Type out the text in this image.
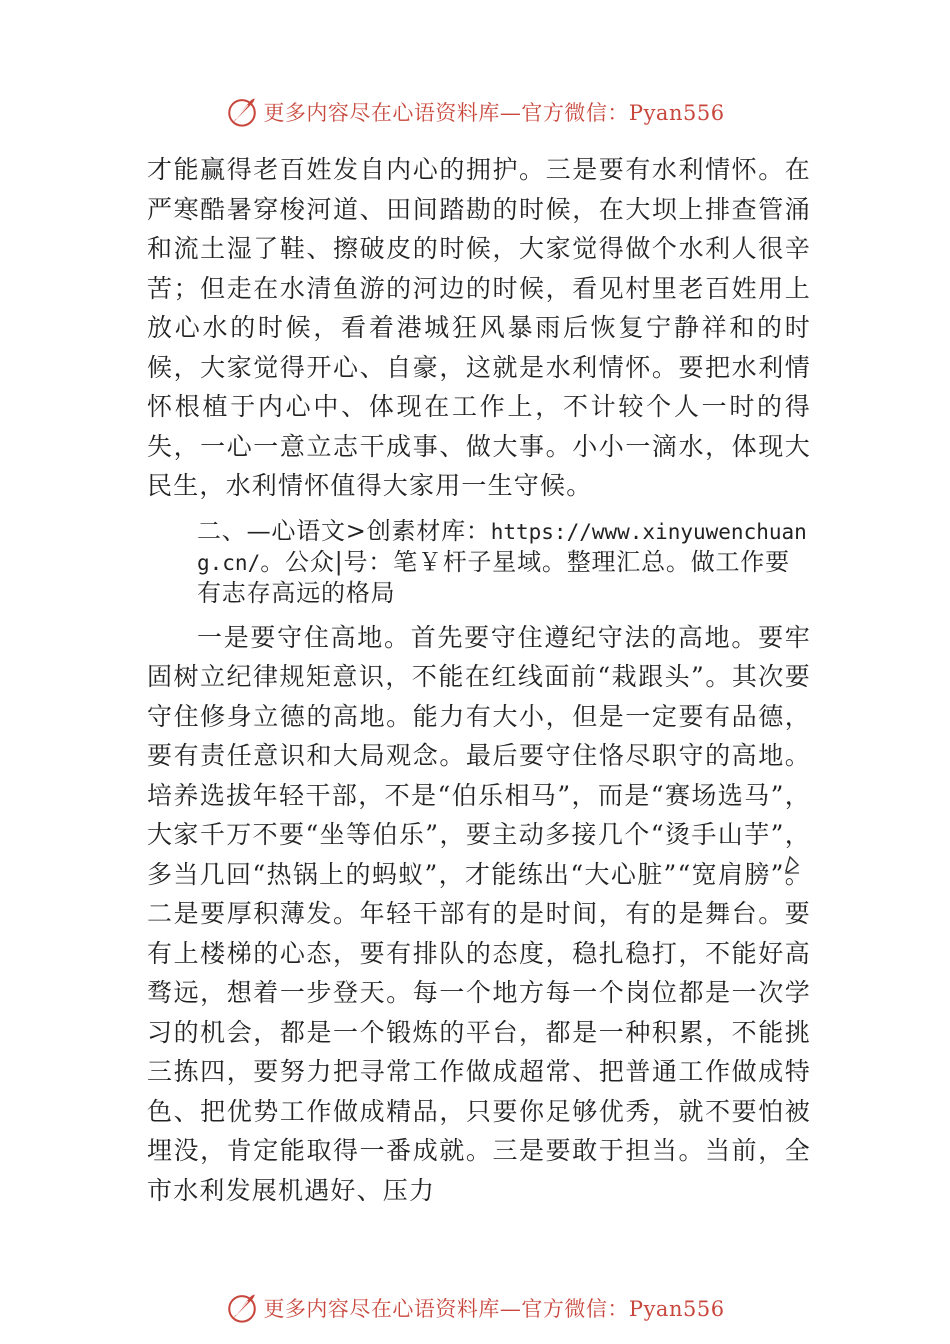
更多内容尽在心语资料库—官方微信：Pyan556

才能赢得老百姓发自内心的拥护。三是要有水利情怀。在严寒酷暑穿梭河道、田间踏勘的时候，在大坝上排查管涌和流土湿了鞋、擦破皮的时候，大家觉得做个水利人很辛苦；但走在水清鱼游的河边的时候，看见村里老百姓用上放心水的时候，看着港城狂风暴雨后恢复宁静祥和的时候，大家觉得开心、自豪，这就是水利情怀。要把水利情怀根植于内心中、体现在工作上，不计较个人一时的得失，一心一意立志干成事、做大事。小小一滴水，体现大民生，水利情怀值得大家用一生守候。

二、—心语文>创素材库：https://www.xinyuwenchuang.cn/。公众|号：笔￥杆子星域。整理汇总。做工作要有志存高远的格局

一是要守住高地。首先要守住遵纪守法的高地。要牢固树立纪律规矩意识，不能在红线面前“栽跟头”。其次要守住修身立德的高地。能力有大小，但是一定要有品德，要有责任意识和大局观念。最后要守住恪尽职守的高地。培养选拔年轻干部，不是“伯乐相马”，而是“赛场选马”，大家千万不要“坐等伯乐”，要主动多接几个“烫手山芋”，多当几回“热锅上的蚂蚁”，才能练出“大心脏”“宽肩膀”。二是要厚积薄发。年轻干部有的是时间，有的是舞台。要有上楼梯的心态，要有排队的态度，稳扎稳打，不能好高骛远，想着一步登天。每一个地方每一个岗位都是一次学习的机会，都是一个锻炼的平台，都是一种积累，不能挑三拣四，要努力把寻常工作做成超常、把普通工作做成特色、把优势工作做成精品，只要你足够优秀，就不要怕被埋没，肯定能取得一番成就。三是要敢于担当。当前，全市水利发展机遇好、压力

更多内容尽在心语资料库—官方微信：Pyan556
